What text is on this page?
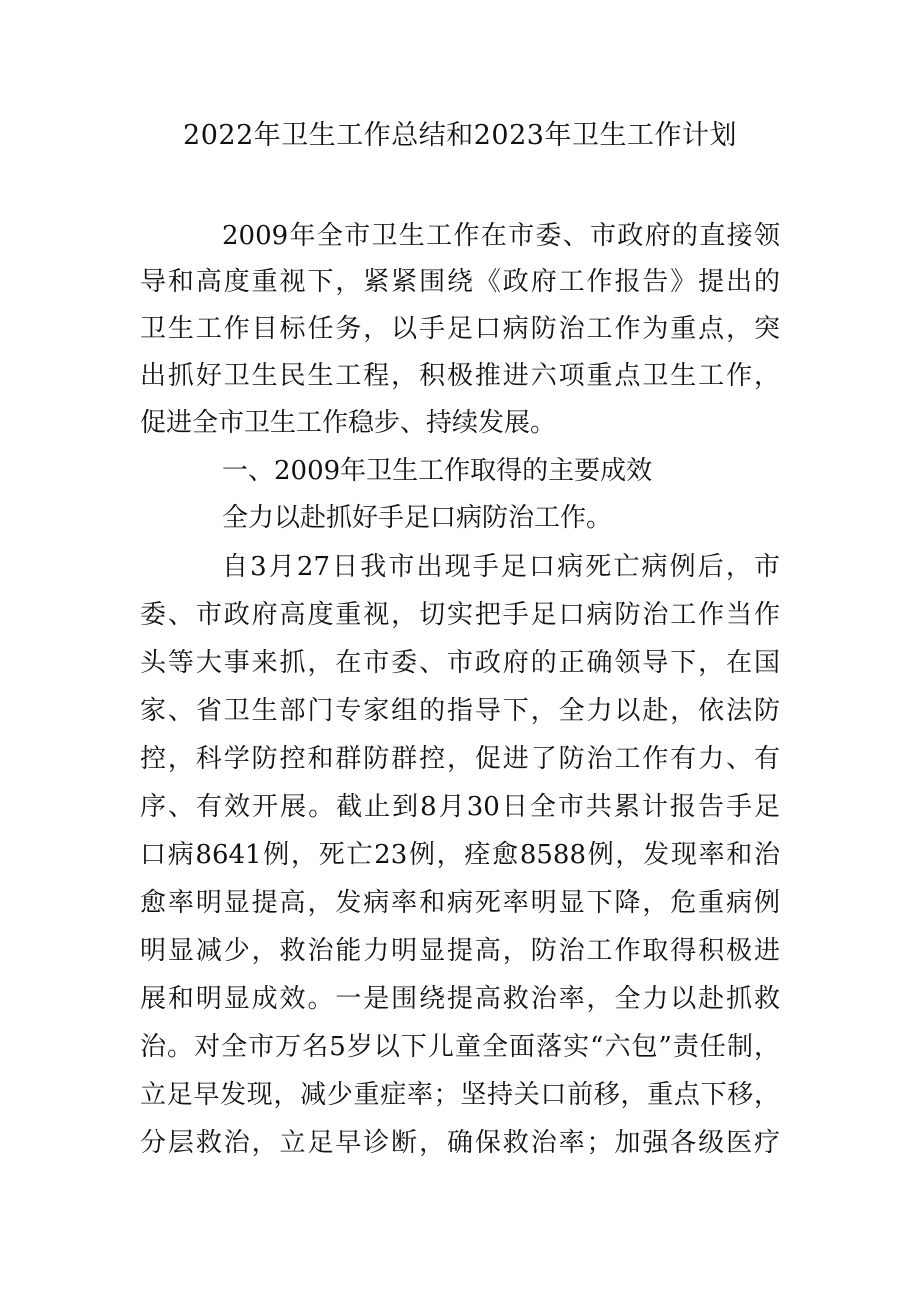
2022年卫生工作总结和2023年卫生工作计划
2009年全市卫生工作在市委、市政府的直接领
导和高度重视下，紧紧围绕《政府工作报告》提出的
卫生工作目标任务，以手足口病防治工作为重点，突
出抓好卫生民生工程，积极推进六项重点卫生工作，
促进全市卫生工作稳步、持续发展。
一、2009年卫生工作取得的主要成效
全力以赴抓好手足口病防治工作。
自3月27日我市出现手足口病死亡病例后，市
委、市政府高度重视，切实把手足口病防治工作当作
头等大事来抓，在市委、市政府的正确领导下，在国
家、省卫生部门专家组的指导下，全力以赴，依法防
控，科学防控和群防群控，促进了防治工作有力、有
序、有效开展。截止到8月30日全市共累计报告手足
口病8641例，死亡23例，痊愈8588例，发现率和治
愈率明显提高，发病率和病死率明显下降，危重病例
明显减少，救治能力明显提高，防治工作取得积极进
展和明显成效。一是围绕提高救治率，全力以赴抓救
治。对全市万名5岁以下儿童全面落实“六包”责任制，
立足早发现，减少重症率；坚持关口前移，重点下移，
分层救治，立足早诊断，确保救治率；加强各级医疗
